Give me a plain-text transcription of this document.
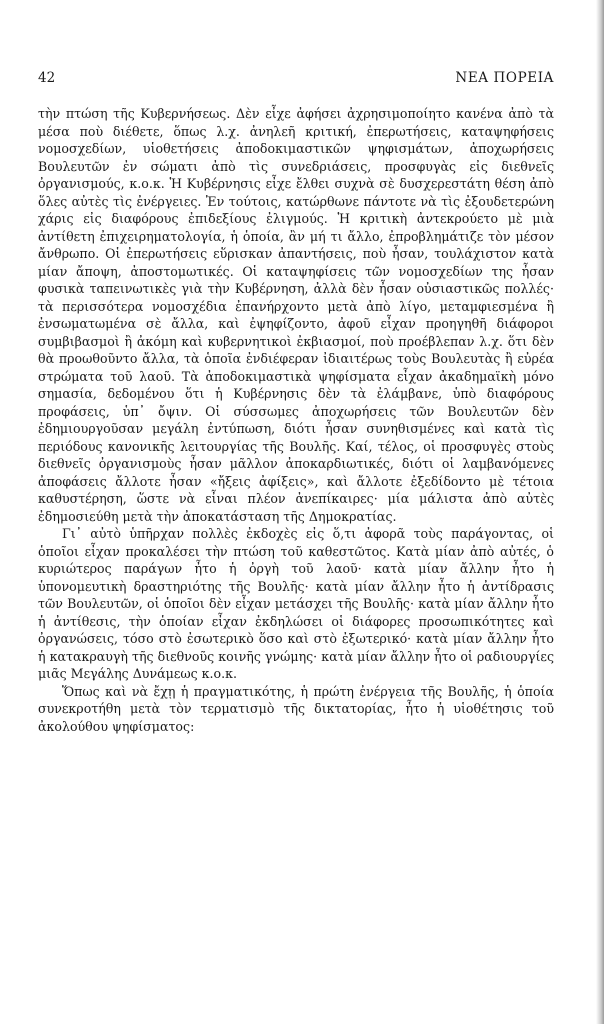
42	ΝΕΑ ΠΟΡΕΙΑ

τὴν πτώση τῆς Κυβερνήσεως. Δὲν εἶχε ἀφήσει ἀχρησιμοποίητο κανένα ἀπὸ τὰ μέσα ποὺ διέθετε, ὅπως λ.χ. ἀνηλεῆ κριτική, ἐπερωτήσεις, καταψηφήσεις νομοσχεδίων, υἱοθετήσεις ἀποδοκιμαστικῶν ψηφισμάτων, ἀποχωρήσεις Βουλευτῶν ἐν σώματι ἀπὸ τὶς συνεδριάσεις, προσφυγὰς εἰς διεθνεῖς ὀργανισμούς, κ.ο.κ. Ἡ Κυβέρνησις εἶχε ἔλθει συχνὰ σὲ δυσχερεστάτη θέση ἀπὸ ὅλες αὐτὲς τὶς ἐνέργειες. Ἐν τούτοις, κατώρθωνε πάντοτε νὰ τὶς ἐξουδετερώνη χάρις εἰς διαφόρους ἐπιδεξίους ἐλιγμούς. Ἡ κριτικὴ ἀντεκρούετο μὲ μιὰ ἀντίθετη ἐπιχειρηματολογία, ἡ ὁποία, ἂν μή τι ἄλλο, ἐπροβλημάτιζε τὸν μέσον ἄνθρωπο. Οἱ ἐπερωτήσεις εὕρισκαν ἀπαντήσεις, ποὺ ἦσαν, τουλάχιστον κατὰ μίαν ἄποψη, ἀποστομωτικές. Οἱ καταψηφίσεις τῶν νομοσχεδίων της ἦσαν φυσικὰ ταπεινωτικὲς γιὰ τὴν Κυβέρνηση, ἀλλὰ δὲν ἦσαν οὐσιαστικῶς πολλές· τὰ περισσότερα νομοσχέδια ἐπανήρχοντο μετὰ ἀπὸ λίγο, μεταμφιεσμένα ἢ ἐνσωματωμένα σὲ ἄλλα, καὶ ἐψηφίζοντο, ἀφοῦ εἶχαν προηγηθῆ διάφοροι συμβιβασμοὶ ἢ ἀκόμη καὶ κυβερνητικοὶ ἐκβιασμοί, ποὺ προέβλεπαν λ.χ. ὅτι δὲν θὰ προωθοῦντο ἄλλα, τὰ ὁποῖα ἐνδιέφεραν ἰδιαιτέρως τοὺς Βουλευτὰς ἢ εὐρέα στρώματα τοῦ λαοῦ. Τὰ ἀποδοκιμαστικὰ ψηφίσματα εἶχαν ἀκαδημαϊκὴ μόνο σημασία, δεδομένου ὅτι ἡ Κυβέρνησις δὲν τὰ ἐλάμβανε, ὑπὸ διαφόρους προφάσεις, ὑπ᾽ ὄψιν. Οἱ σύσσωμες ἀποχωρήσεις τῶν Βουλευτῶν δὲν ἐδημιουργοῦσαν μεγάλη ἐντύπωση, διότι ἦσαν συνηθισμένες καὶ κατὰ τὶς περιόδους κανονικῆς λειτουργίας τῆς Βουλῆς. Καί, τέλος, οἱ προσφυγὲς στοὺς διεθνεῖς ὀργανισμοὺς ἦσαν μᾶλλον ἀποκαρδιωτικές, διότι οἱ λαμβανόμενες ἀποφάσεις ἄλλοτε ἦσαν «ἤξεις ἀφίξεις», καὶ ἄλλοτε ἐξεδίδοντο μὲ τέτοια καθυστέρηση, ὥστε νὰ εἶναι πλέον ἀνεπίκαιρες· μία μάλιστα ἀπὸ αὐτὲς ἐδημοσιεύθη μετὰ τὴν ἀποκατάσταση τῆς Δημοκρατίας.

Γι᾽ αὐτὸ ὑπῆρχαν πολλὲς ἐκδοχὲς εἰς ὅ,τι ἀφορᾶ τοὺς παράγοντας, οἱ ὁποῖοι εἶχαν προκαλέσει τὴν πτώση τοῦ καθεστῶτος. Κατὰ μίαν ἀπὸ αὐτές, ὁ κυριώτερος παράγων ἦτο ἡ ὀργὴ τοῦ λαοῦ· κατὰ μίαν ἄλλην ἦτο ἡ ὑπονομευτικὴ δραστηριότης τῆς Βουλῆς· κατὰ μίαν ἄλλην ἦτο ἡ ἀντίδρασις τῶν Βουλευτῶν, οἱ ὁποῖοι δὲν εἶχαν μετάσχει τῆς Βουλῆς· κατὰ μίαν ἄλλην ἦτο ἡ ἀντίθεσις, τὴν ὁποίαν εἶχαν ἐκδηλώσει οἱ διάφορες προσωπικότητες καὶ ὀργανώσεις, τόσο στὸ ἐσωτερικὸ ὅσο καὶ στὸ ἐξωτερικό· κατὰ μίαν ἄλλην ἦτο ἡ κατακραυγὴ τῆς διεθνοῦς κοινῆς γνώμης· κατὰ μίαν ἄλλην ἦτο οἱ ραδιουργίες μιᾶς Μεγάλης Δυνάμεως κ.ο.κ.

Ὅπως καὶ νὰ ἔχῃ ἡ πραγματικότης, ἡ πρώτη ἐνέργεια τῆς Βουλῆς, ἡ ὁποία συνεκροτήθη μετὰ τὸν τερματισμὸ τῆς δικτατορίας, ἦτο ἡ υἱοθέτησις τοῦ ἀκολούθου ψηφίσματος:
